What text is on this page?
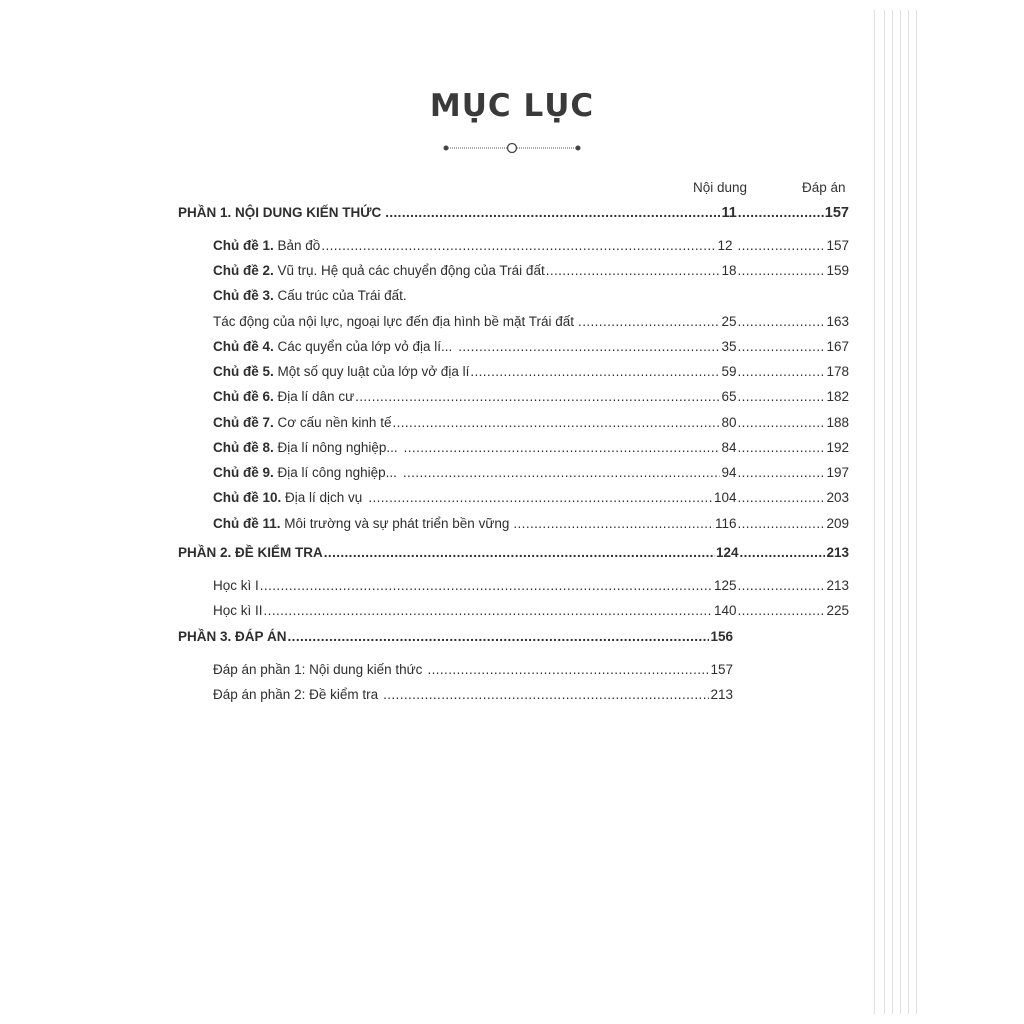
MỤC LỤC
Nội dung	Đáp án
PHẦN 1. NỘI DUNG KIẾN THỨC .....	11 .....	157
Chủ đề 1. Bản đồ .....	12 .....	157
Chủ đề 2. Vũ trụ. Hệ quả các chuyển động của Trái đất .....	18 .....	159
Chủ đề 3. Cấu trúc của Trái đất.
Tác động của nội lực, ngoại lực đến địa hình bề mặt Trái đất .....	25 .....	163
Chủ đề 4. Các quyển của lớp vỏ địa lí... .....	35 .....	167
Chủ đề 5. Một số quy luật của lớp vở địa lí .....	59 .....	178
Chủ đề 6. Địa lí dân cư .....	65 .....	182
Chủ đề 7. Cơ cấu nền kinh tế .....	80 .....	188
Chủ đề 8. Địa lí nông nghiệp... .....	84 .....	192
Chủ đề 9. Địa lí công nghiệp... .....	94 .....	197
Chủ đề 10. Địa lí dịch vụ .....	104 .....	203
Chủ đề 11. Môi trường và sự phát triển bền vững .....	116 .....	209
PHẦN 2. ĐỀ KIỂM TRA .....	124 .....	213
Học kì I .....	125 .....	213
Học kì II .....	140 .....	225
PHẦN 3. ĐÁP ÁN .....	156
Đáp án phần 1: Nội dung kiến thức .....	157
Đáp án phần 2: Đề kiểm tra .....	213
